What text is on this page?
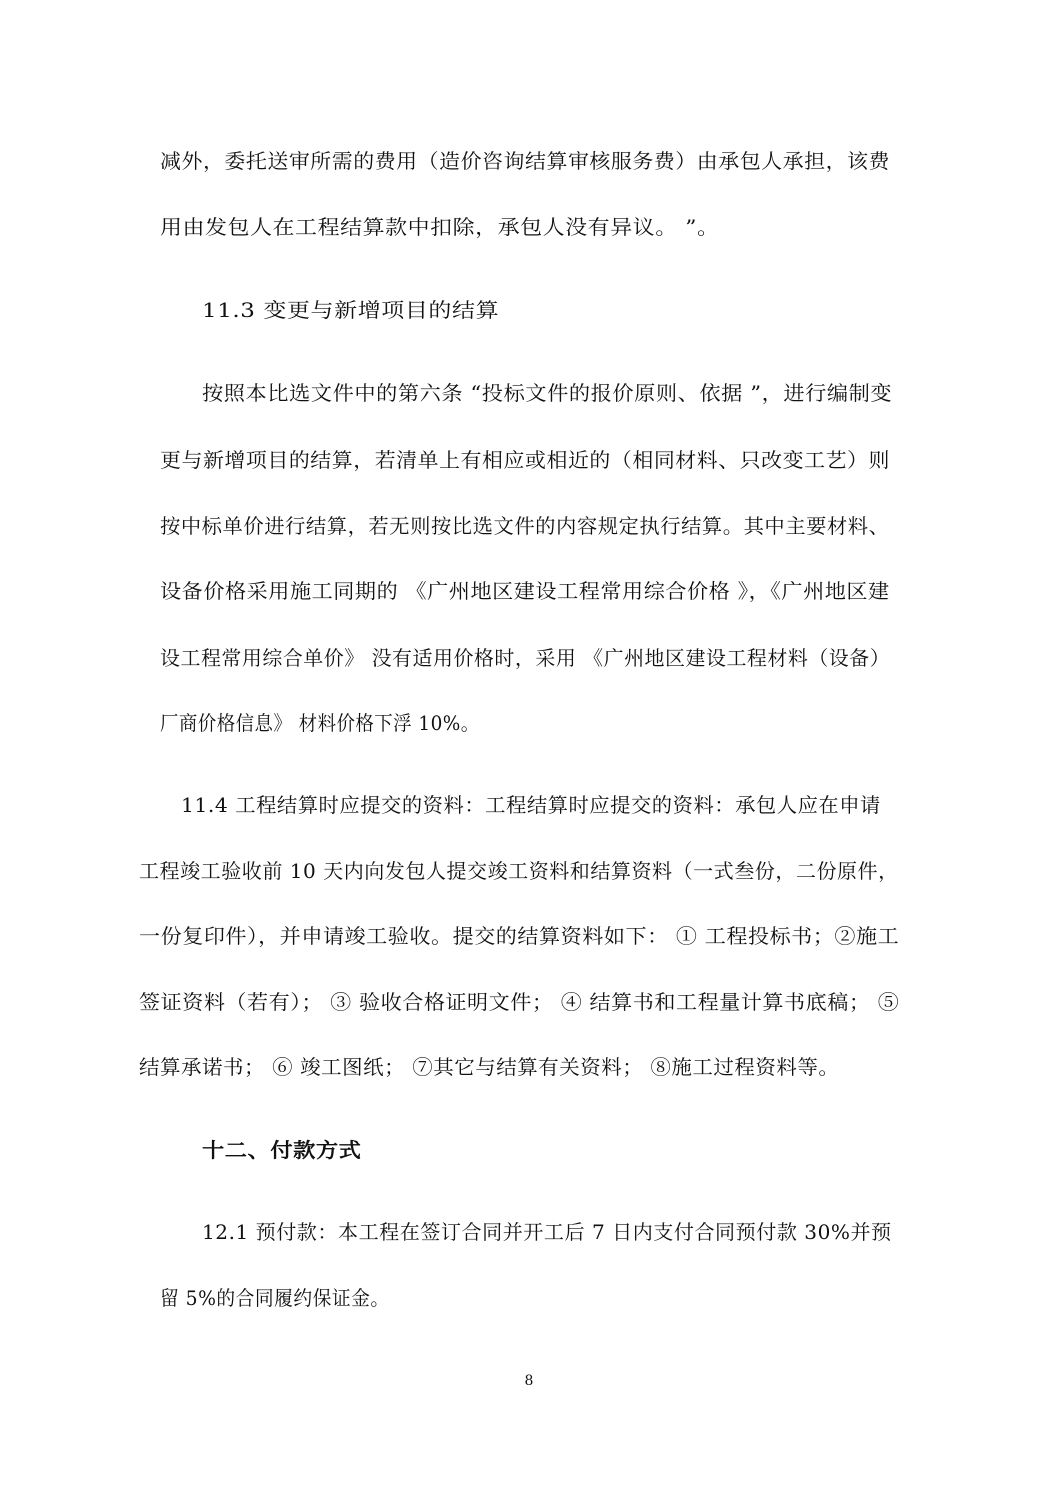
减外，委托送审所需的费用（造价咨询结算审核服务费）由承包人承担，该费
用由发包人在工程结算款中扣除，承包人没有异议。 ”。
11.3 变更与新增项目的结算
按照本比选文件中的第六条 “投标文件的报价原则、依据 ”，进行编制变
更与新增项目的结算，若清单上有相应或相近的（相同材料、只改变工艺）则
按中标单价进行结算，若无则按比选文件的内容规定执行结算。其中主要材料、
设备价格采用施工同期的 《广州地区建设工程常用综合价格 》，《广州地区建
设工程常用综合单价》 没有适用价格时，采用 《广州地区建设工程材料（设备）
厂商价格信息》 材料价格下浮 10%。
11.4 工程结算时应提交的资料：工程结算时应提交的资料：承包人应在申请
工程竣工验收前 10 天内向发包人提交竣工资料和结算资料（一式叁份，二份原件，
一份复印件），并申请竣工验收。提交的结算资料如下： ① 工程投标书；②施工
签证资料（若有）； ③ 验收合格证明文件； ④ 结算书和工程量计算书底稿； ⑤
结算承诺书； ⑥ 竣工图纸； ⑦其它与结算有关资料； ⑧施工过程资料等。
十二、付款方式
12.1 预付款：本工程在签订合同并开工后 7 日内支付合同预付款 30%并预
留 5%的合同履约保证金。
8
